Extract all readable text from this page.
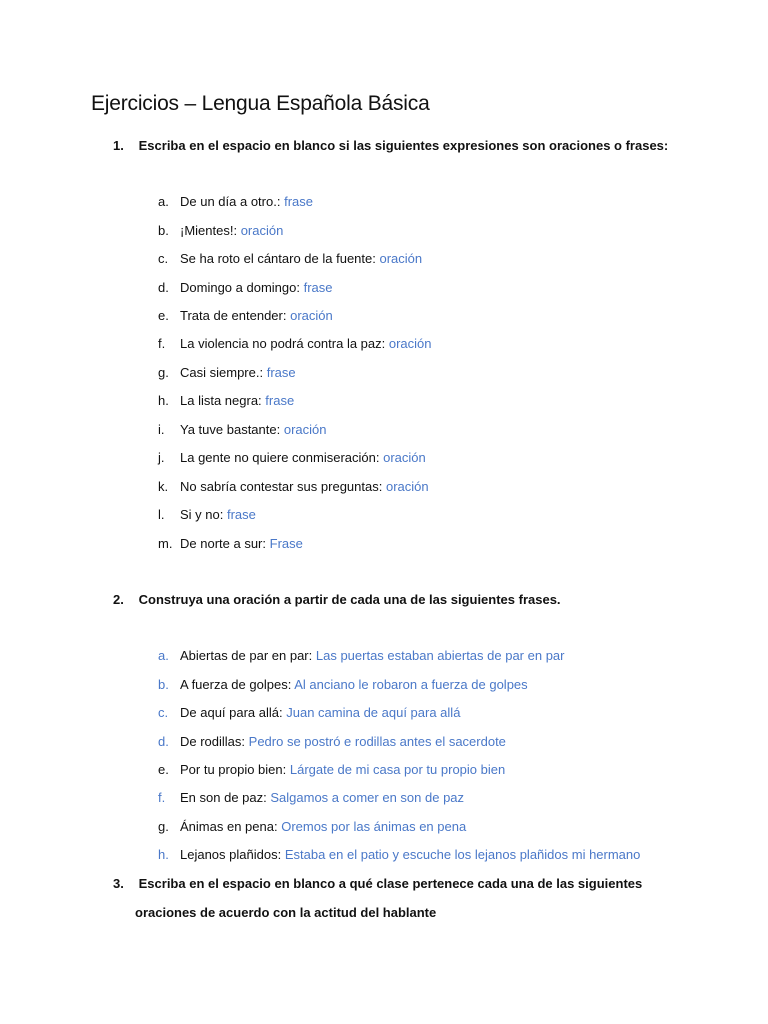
Ejercicios – Lengua Española Básica
1. Escriba en el espacio en blanco si las siguientes expresiones son oraciones o frases:
a. De un día a otro.: frase
b. ¡Mientes!: oración
c. Se ha roto el cántaro de la fuente: oración
d. Domingo a domingo: frase
e. Trata de entender: oración
f. La violencia no podrá contra la paz: oración
g. Casi siempre.: frase
h. La lista negra: frase
i. Ya tuve bastante: oración
j. La gente no quiere conmiseración: oración
k. No sabría contestar sus preguntas: oración
l. Si y no: frase
m. De norte a sur: Frase
2. Construya una oración a partir de cada una de las siguientes frases.
a. Abiertas de par en par: Las puertas estaban abiertas de par en par
b. A fuerza de golpes: Al anciano le robaron a fuerza de golpes
c. De aquí para allá: Juan camina de aquí para allá
d. De rodillas: Pedro se postró e rodillas antes el sacerdote
e. Por tu propio bien: Lárgate de mi casa por tu propio bien
f. En son de paz: Salgamos a comer en son de paz
g. Ánimas en pena: Oremos por las ánimas en pena
h. Lejanos plañidos: Estaba en el patio y escuche los lejanos plañidos mi hermano
3. Escriba en el espacio en blanco a qué clase pertenece cada una de las siguientes
oraciones de acuerdo con la actitud del hablante
